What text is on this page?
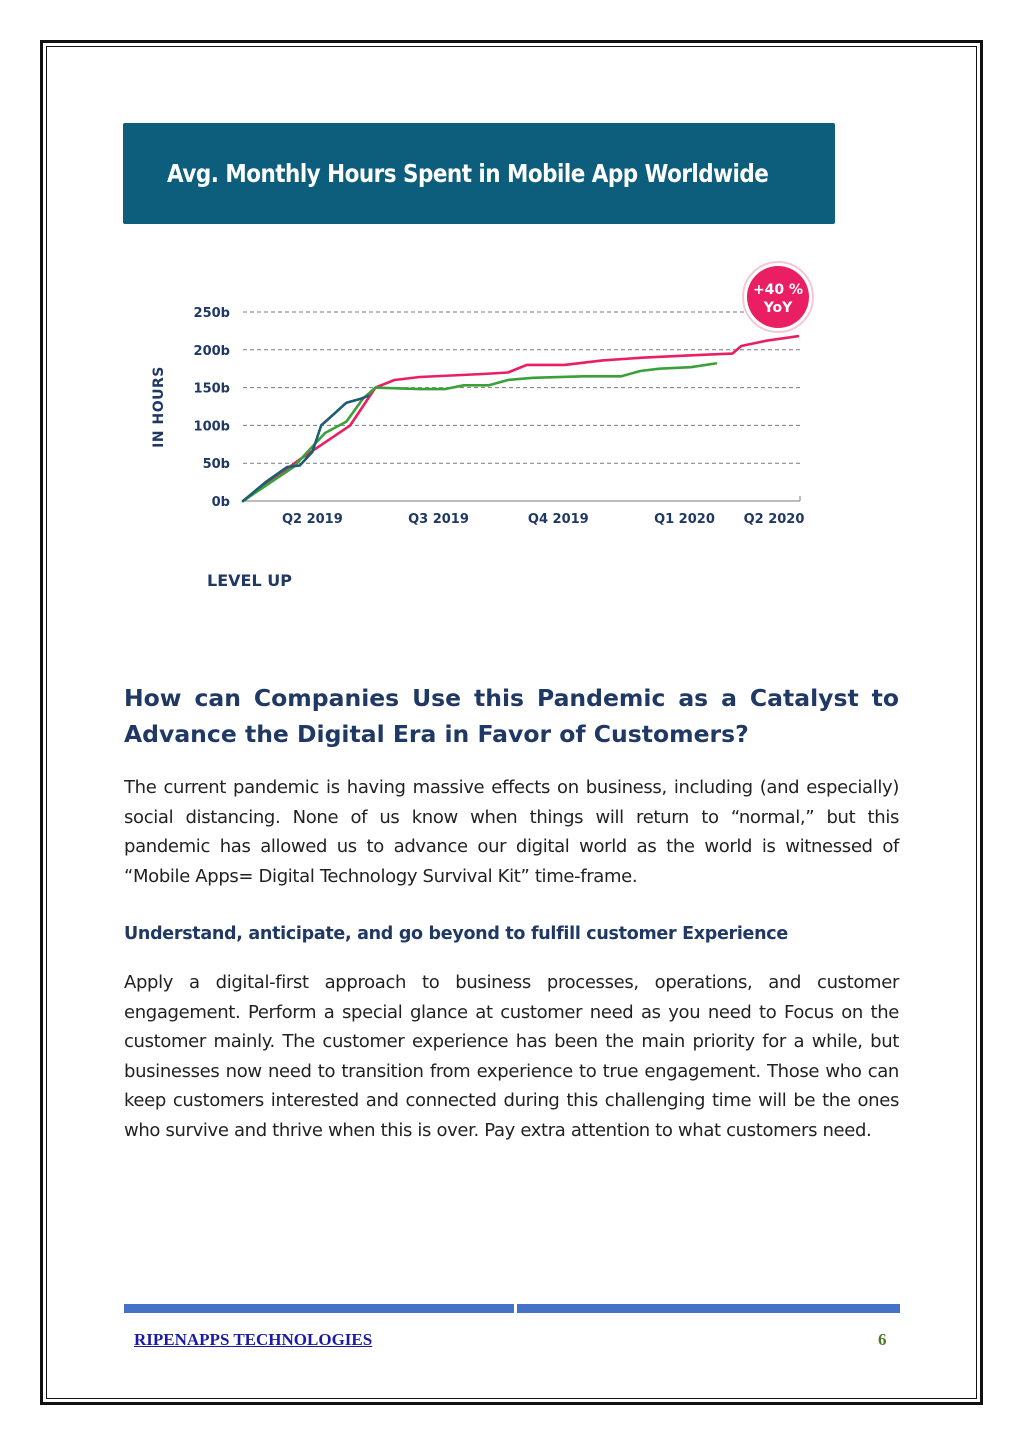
Avg. Monthly Hours Spent in Mobile App Worldwide
0b
50b
100b
150b
200b
250b
Q2 2019	Q3 2019	Q4 2019	Q1 2020 Q2 2020
IN HOURS
+40 %
YoY
LEVEL UP
How can Companies Use this Pandemic as a Catalyst to Advance the Digital Era in Favor of Customers?
The current pandemic is having massive effects on business, including (and especially) social distancing. None of us know when things will return to “normal,” but this pandemic has allowed us to advance our digital world as the world is witnessed of “Mobile Apps= Digital Technology Survival Kit” time-frame.
Understand, anticipate, and go beyond to fulfill customer Experience
Apply a digital-first approach to business processes, operations, and customer engagement. Perform a special glance at customer need as you need to Focus on the customer mainly. The customer experience has been the main priority for a while, but businesses now need to transition from experience to true engagement. Those who can keep customers interested and connected during this challenging time will be the ones who survive and thrive when this is over. Pay extra attention to what customers need.
RIPENAPPS TECHNOLOGIES	6
